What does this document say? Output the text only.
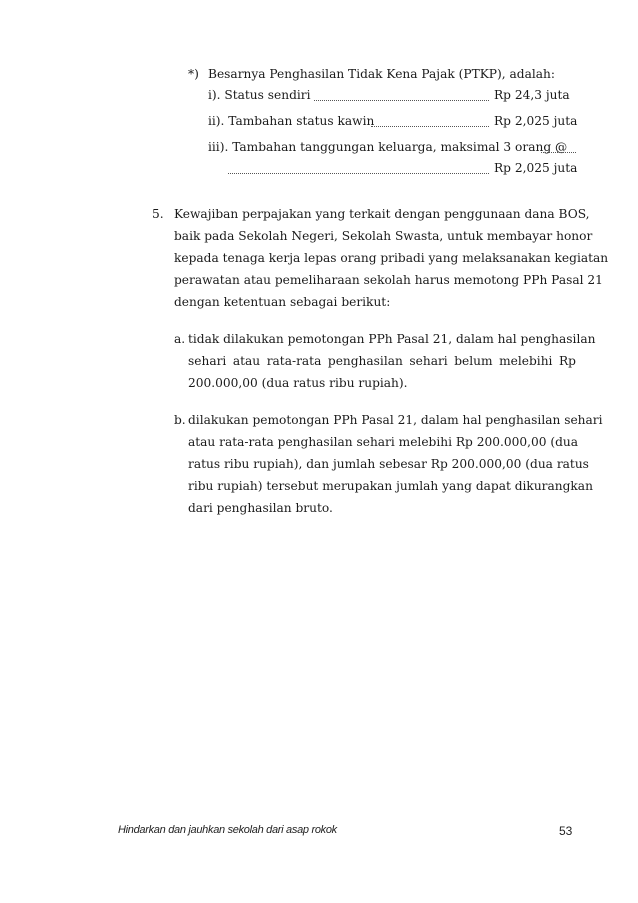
*) Besarnya Penghasilan Tidak Kena Pajak (PTKP), adalah:
i). Status sendiri	Rp 24,3 juta
ii). Tambahan status kawin	Rp 2,025 juta
iii). Tambahan tanggungan keluarga, maksimal 3 orang @
Rp 2,025 juta
5. Kewajiban perpajakan yang terkait dengan penggunaan dana BOS,
baik pada Sekolah Negeri, Sekolah Swasta, untuk membayar honor
kepada tenaga kerja lepas orang pribadi yang melaksanakan kegiatan
perawatan atau pemeliharaan sekolah harus memotong PPh Pasal 21
dengan ketentuan sebagai berikut:
a. tidak dilakukan pemotongan PPh Pasal 21, dalam hal penghasilan
sehari atau rata-rata penghasilan sehari belum melebihi Rp
200.000,00 (dua ratus ribu rupiah).
b. dilakukan pemotongan PPh Pasal 21, dalam hal penghasilan sehari
atau rata-rata penghasilan sehari melebihi Rp 200.000,00 (dua
ratus ribu rupiah), dan jumlah sebesar Rp 200.000,00 (dua ratus
ribu rupiah) tersebut merupakan jumlah yang dapat dikurangkan
dari penghasilan bruto.
Hindarkan dan jauhkan sekolah dari asap rokok	53
